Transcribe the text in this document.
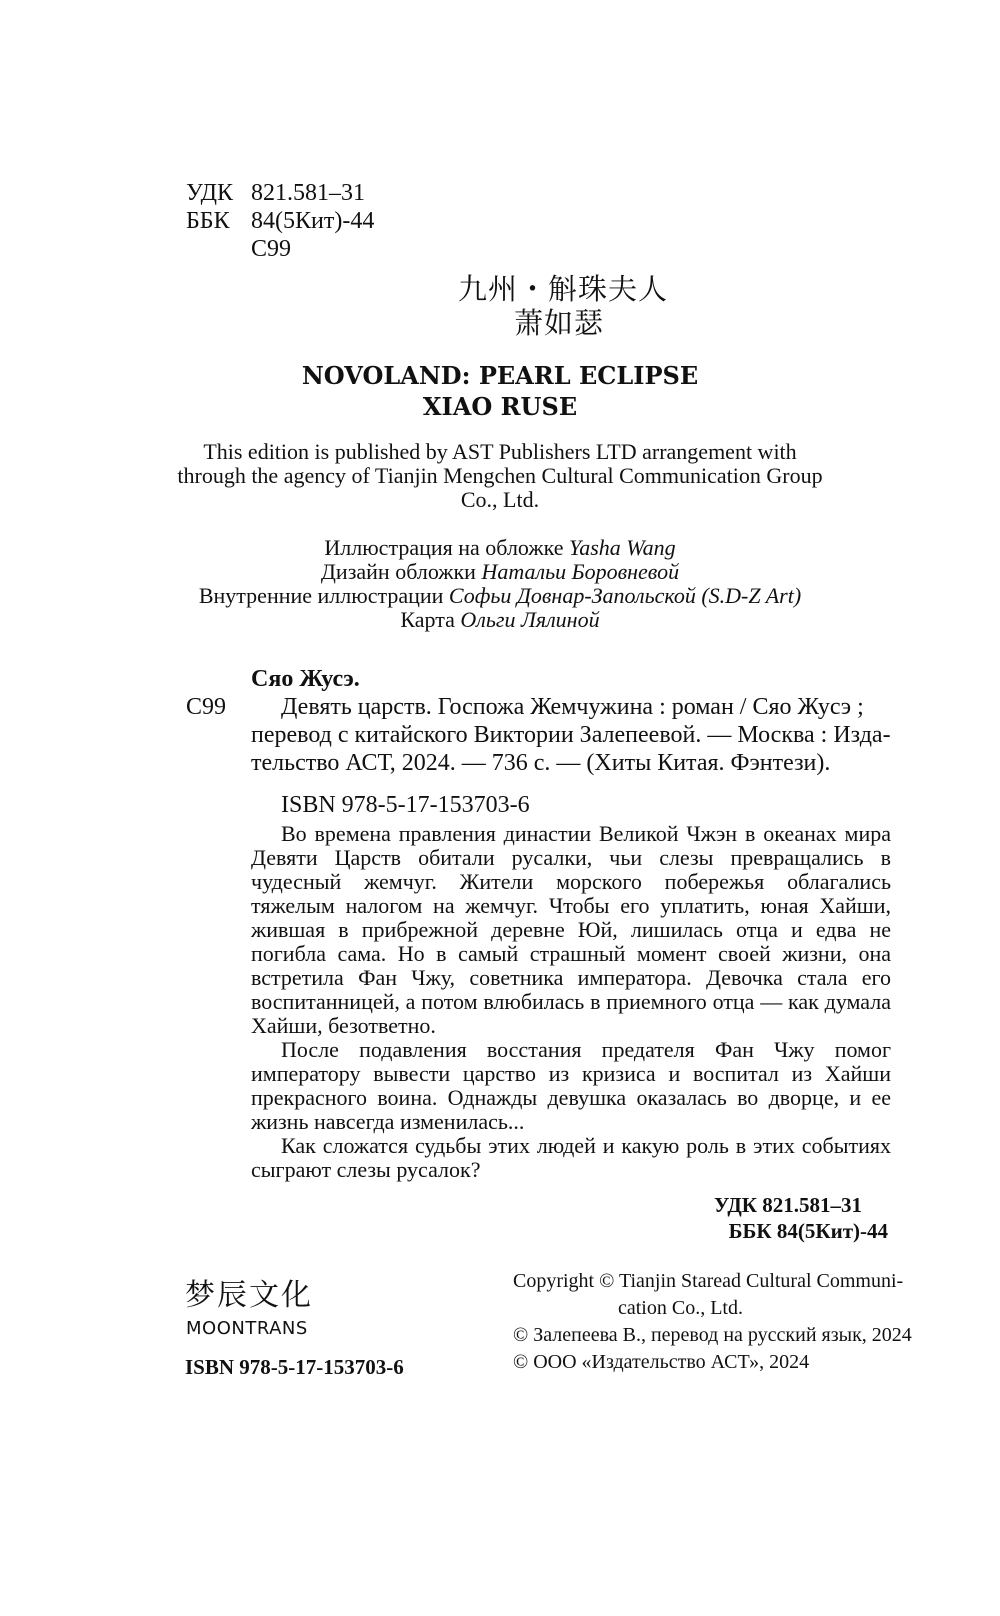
УДК 821.581–31
ББК 84(5Кит)-44
С99
九州・斛珠夫人
萧如瑟
NOVOLAND: PEARL ECLIPSE
XIAO RUSE
This edition is published by AST Publishers LTD arrangement with
through the agency of Tianjin Mengchen Cultural Communication Group
Co., Ltd.
Иллюстрация на обложке Yasha Wang
Дизайн обложки Натальи Боровневой
Внутренние иллюстрации Софьи Довнар-Запольской (S.D-Z Art)
Карта Ольги Лялиной
Сяо Жусэ.
С99 Девять царств. Госпожа Жемчужина : роман / Сяо Жусэ ;
перевод с китайского Виктории Залепеевой. — Москва : Изда-
тельство АСТ, 2024. — 736 с. — (Хиты Китая. Фэнтези).
ISBN 978-5-17-153703-6

Во времена правления династии Великой Чжэн в океанах мира Девяти Царств обитали русалки, чьи слезы превращались в чудесный жемчуг. Жители морского побережья облагались тяжелым налогом на жемчуг. Чтобы его уплатить, юная Хайши, жившая в прибрежной деревне Юй, лишилась отца и едва не погибла сама. Но в самый страшный момент своей жизни, она встретила Фан Чжу, советника императора. Девочка стала его воспитанницей, а потом влюбилась в приемного отца — как думала Хайши, безответно.

После подавления восстания предателя Фан Чжу помог императору вывести царство из кризиса и воспитал из Хайши прекрасного воина. Однажды девушка оказалась во дворце, и ее жизнь навсегда изменилась...

Как сложатся судьбы этих людей и какую роль в этих событиях сыграют слезы русалок?

УДК 821.581–31
ББК 84(5Кит)-44
梦辰文化
MOONTRANS
ISBN 978-5-17-153703-6
Copyright © Tianjin Staread Cultural Communi-
cation Co., Ltd.
© Залепеева В., перевод на русский язык, 2024
© ООО «Издательство АСТ», 2024
